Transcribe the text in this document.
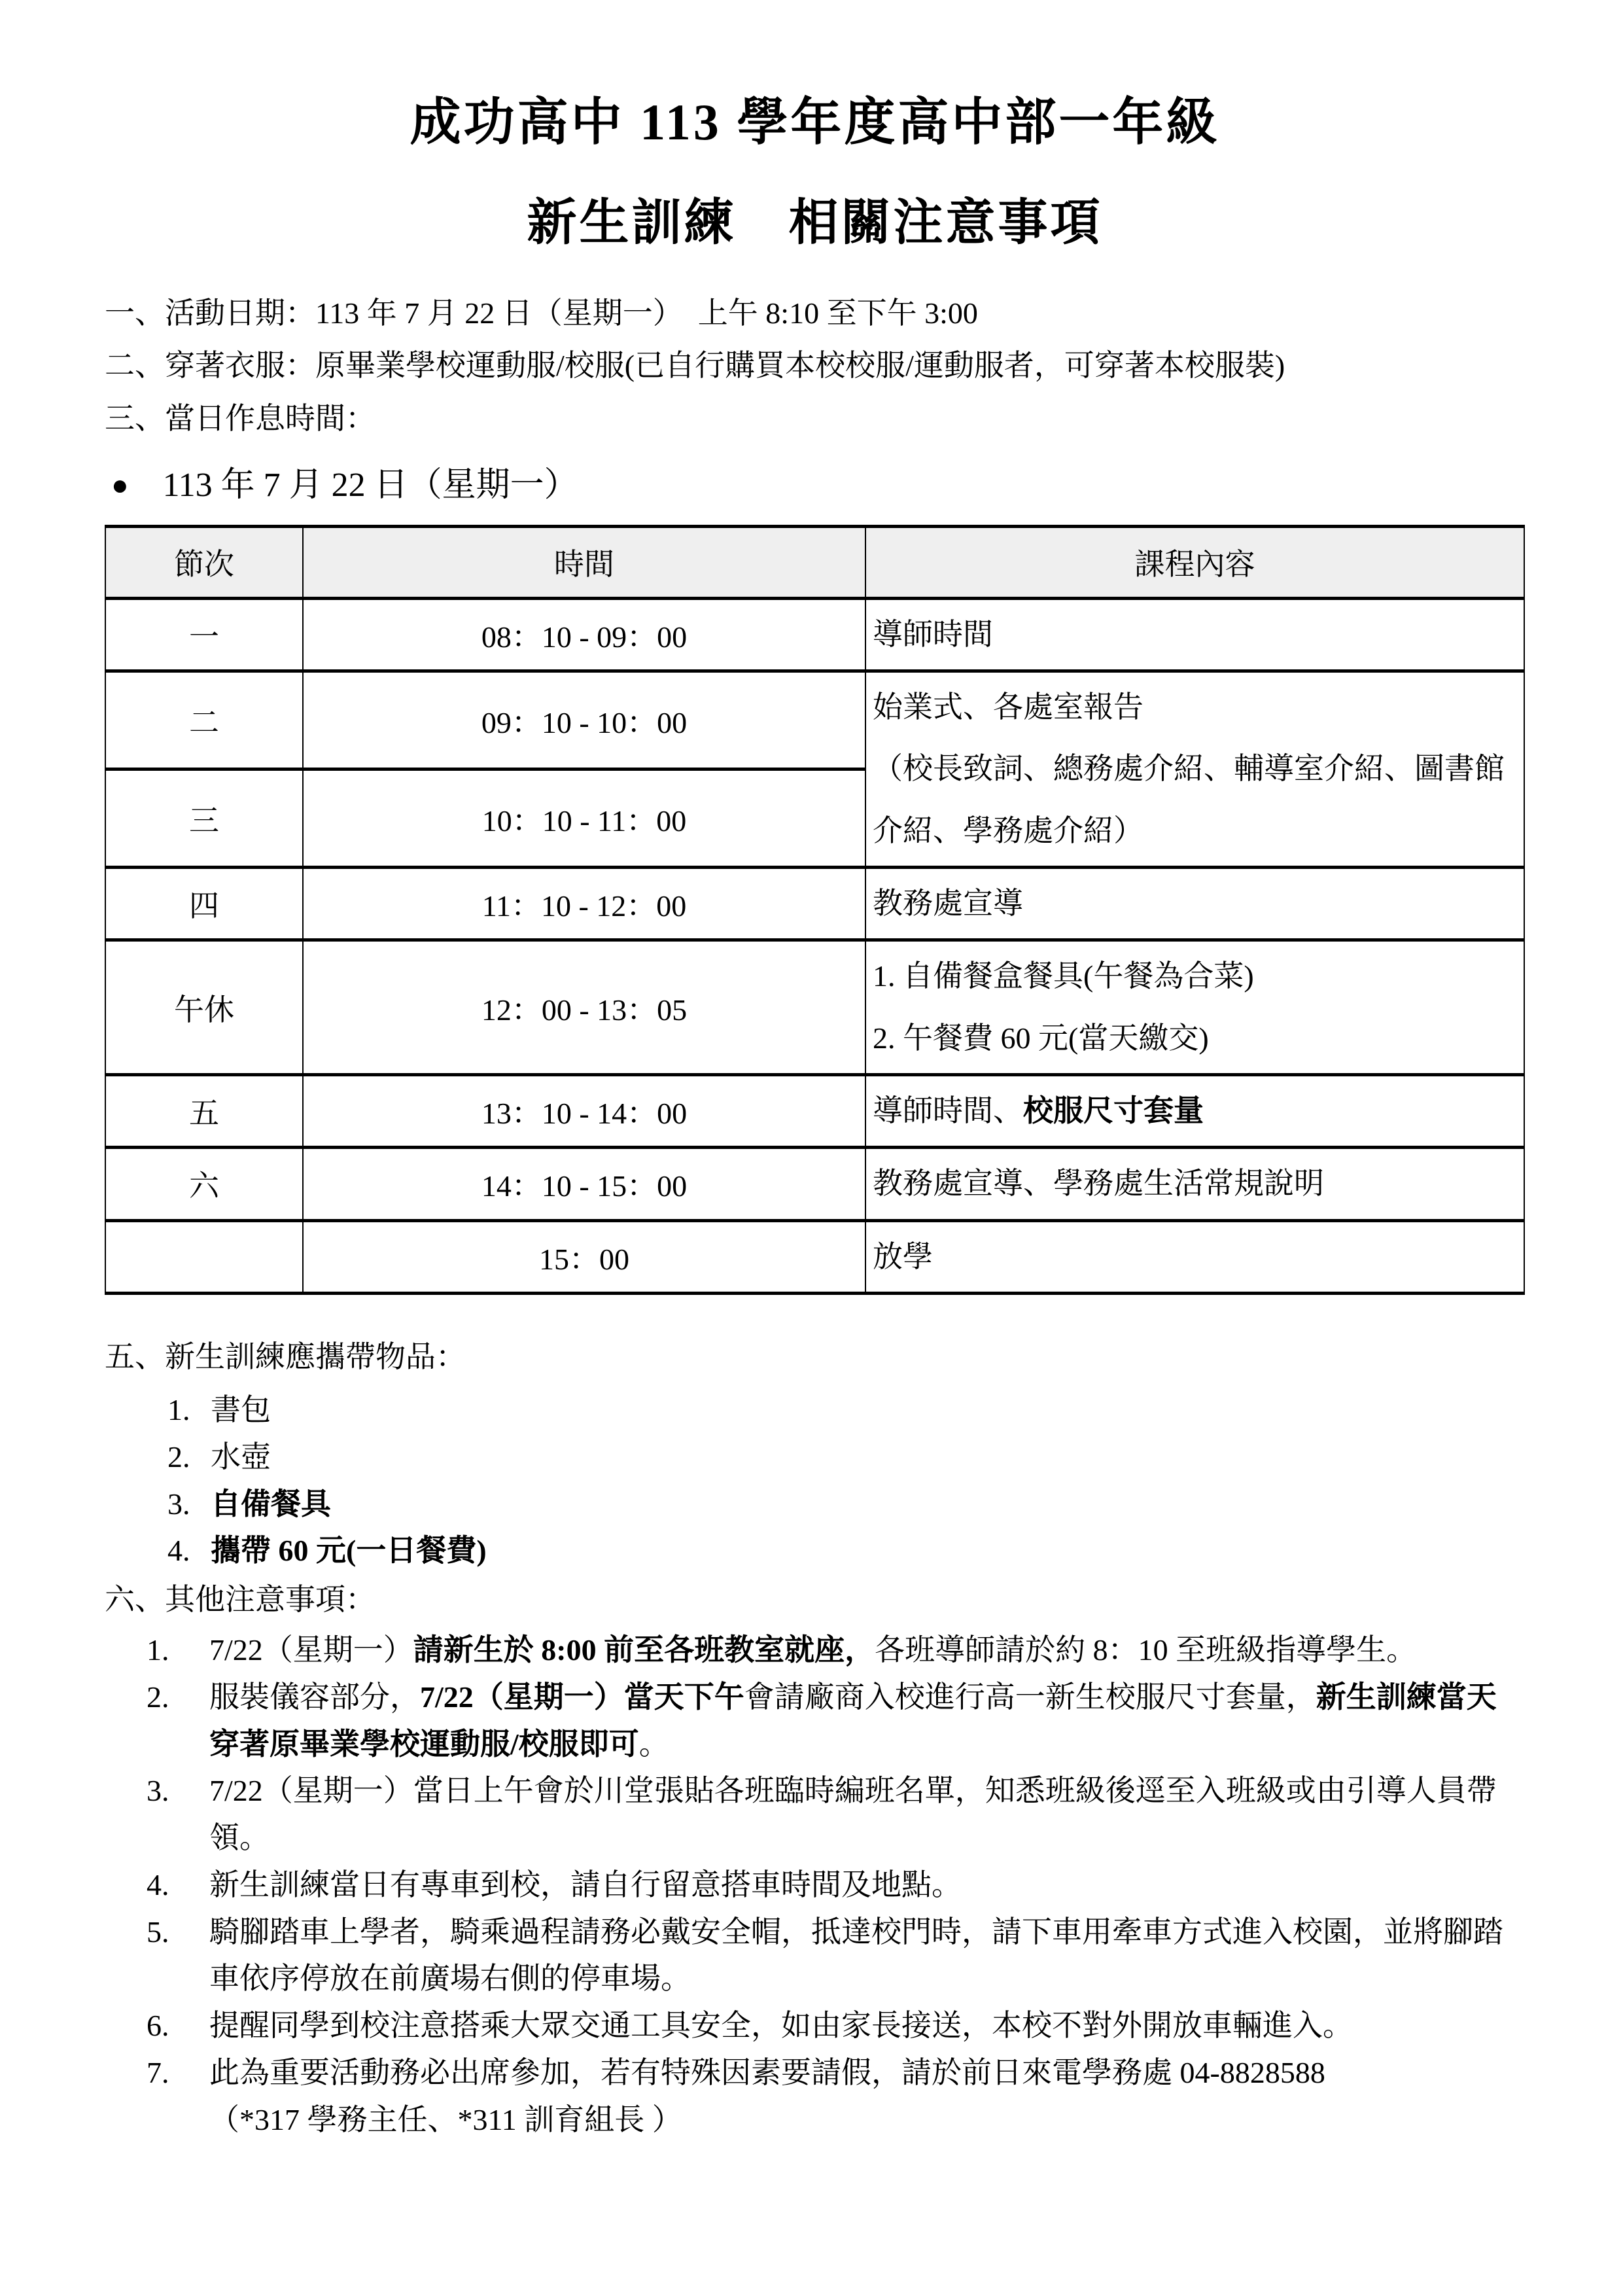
成功高中 113 學年度高中部一年級
新生訓練　相關注意事項

一、活動日期：113 年 7 月 22 日（星期一）　上午 8:10 至下午 3:00

二、穿著衣服：原畢業學校運動服/校服(已自行購買本校校服/運動服者，可穿著本校服裝)

三、當日作息時間：

● 113 年 7 月 22 日（星期一）
節次	時間	課程內容
一	08：10 - 09：00	導師時間
二	09：10 - 10：00	始業式、各處室報告
（校長致詞、總務處介紹、輔導室介紹、圖書館介紹、學務處介紹）
三	10：10 - 11：00	
四	11：10 - 12：00	教務處宣導
午休	12：00 - 13：05	1. 自備餐盒餐具(午餐為合菜)
2. 午餐費 60 元(當天繳交)
五	13：10 - 14：00	導師時間、校服尺寸套量
六	14：10 - 15：00	教務處宣導、學務處生活常規說明
	15：00	放學

五、新生訓練應攜帶物品：

1. 書包
2. 水壺
3. 自備餐具
4. 攜帶 60 元(一日餐費)

六、其他注意事項：

1.	7/22（星期一）請新生於 8:00 前至各班教室就座，各班導師請於約 8：10 至班級指導學生。
2.	服裝儀容部分，7/22（星期一）當天下午會請廠商入校進行高一新生校服尺寸套量，新生訓練當天穿著原畢業學校運動服/校服即可。
3.	7/22（星期一）當日上午會於川堂張貼各班臨時編班名單，知悉班級後逕至入班級或由引導人員帶領。
4.	新生訓練當日有專車到校，請自行留意搭車時間及地點。
5.	騎腳踏車上學者，騎乘過程請務必戴安全帽，抵達校門時，請下車用牽車方式進入校園，並將腳踏車依序停放在前廣場右側的停車場。
6.	提醒同學到校注意搭乘大眾交通工具安全，如由家長接送，本校不對外開放車輛進入。
7.	此為重要活動務必出席參加，若有特殊因素要請假，請於前日來電學務處 04-8828588
（*317 學務主任、*311 訓育組長 ）
